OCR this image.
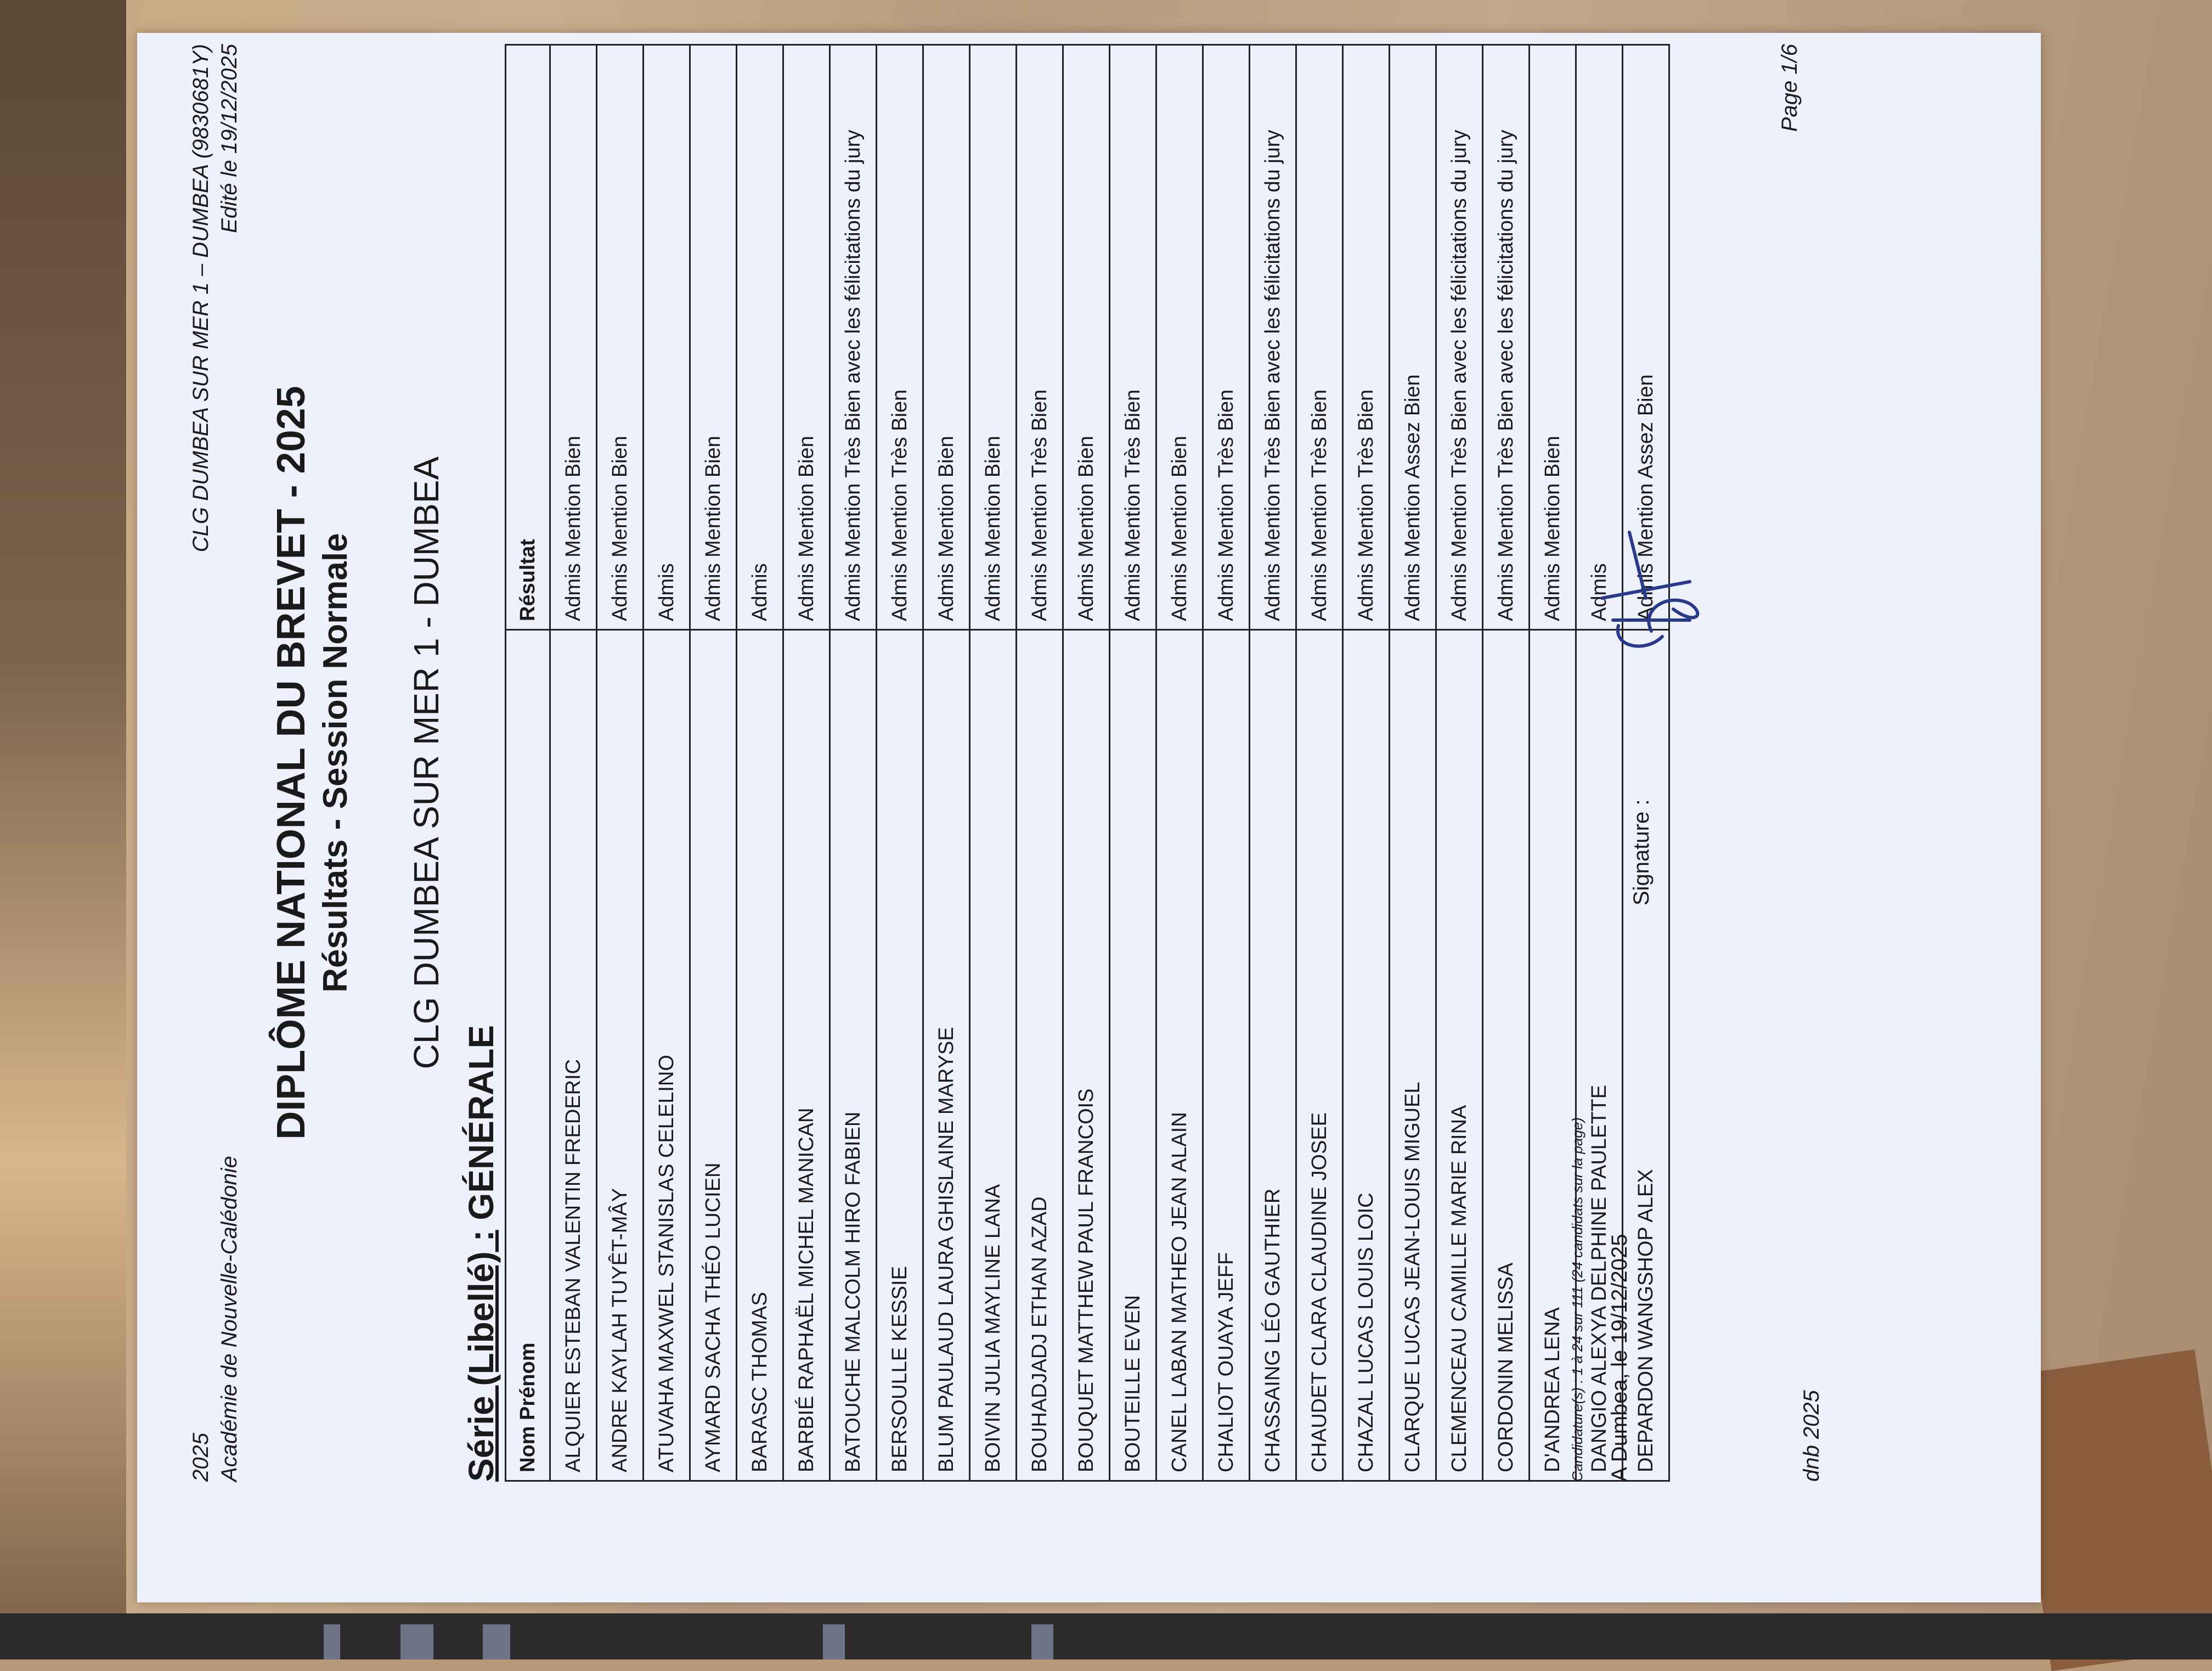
2025 Académie de Nouvelle-Calédonie
CLG DUMBEA SUR MER 1 – DUMBEA (9830681Y) Edité le 19/12/2025
DIPLÔME NATIONAL DU BREVET - 2025 Résultats - Session Normale CLG DUMBEA SUR MER 1 - DUMBEA
Série (Libellé) : GÉNÉRALE
Nom Prénom	Résultat
ALQUIER ESTEBAN VALENTIN FREDERIC	Admis Mention Bien
ANDRE KAYLAH TUYÊT-MÂY	Admis Mention Bien
ATUVAHA MAXWEL STANISLAS CELELINO	Admis
AYMARD SACHA THÉO LUCIEN	Admis Mention Bien
BARASC THOMAS	Admis
BARBIÉ RAPHAËL MICHEL MANICAN	Admis Mention Bien
BATOUCHE MALCOLM HIRO FABIEN	Admis Mention Très Bien avec les félicitations du jury
BERSOULLE KESSIE	Admis Mention Très Bien
BLUM PAULAUD LAURA GHISLAINE MARYSE	Admis Mention Bien
BOIVIN JULIA MAYLINE LANA	Admis Mention Bien
BOUHADJADJ ETHAN AZAD	Admis Mention Très Bien
BOUQUET MATTHEW PAUL FRANCOIS	Admis Mention Bien
BOUTEILLE EVEN	Admis Mention Très Bien
CANEL LABAN MATHEO JEAN ALAIN	Admis Mention Bien
CHALIOT OUAYA JEFF	Admis Mention Très Bien
CHASSAING LÉO GAUTHIER	Admis Mention Très Bien avec les félicitations du jury
CHAUDET CLARA CLAUDINE JOSEE	Admis Mention Très Bien
CHAZAL LUCAS LOUIS LOIC	Admis Mention Très Bien
CLARQUE LUCAS JEAN-LOUIS MIGUEL	Admis Mention Assez Bien
CLEMENCEAU CAMILLE MARIE RINA	Admis Mention Très Bien avec les félicitations du jury
CORDONIN MELISSA	Admis Mention Très Bien avec les félicitations du jury
D'ANDREA LENA	Admis Mention Bien
DANGIO ALEXYA DELPHINE PAULETTE	Admis
DEPARDON WANGSHOP ALEX	Admis Mention Assez Bien
Candidature(s) : 1 à 24 sur 111 (24 candidats sur la page) A Dumbea, le 19/12/2025
Signature :
dnb 2025
Page 1/6
